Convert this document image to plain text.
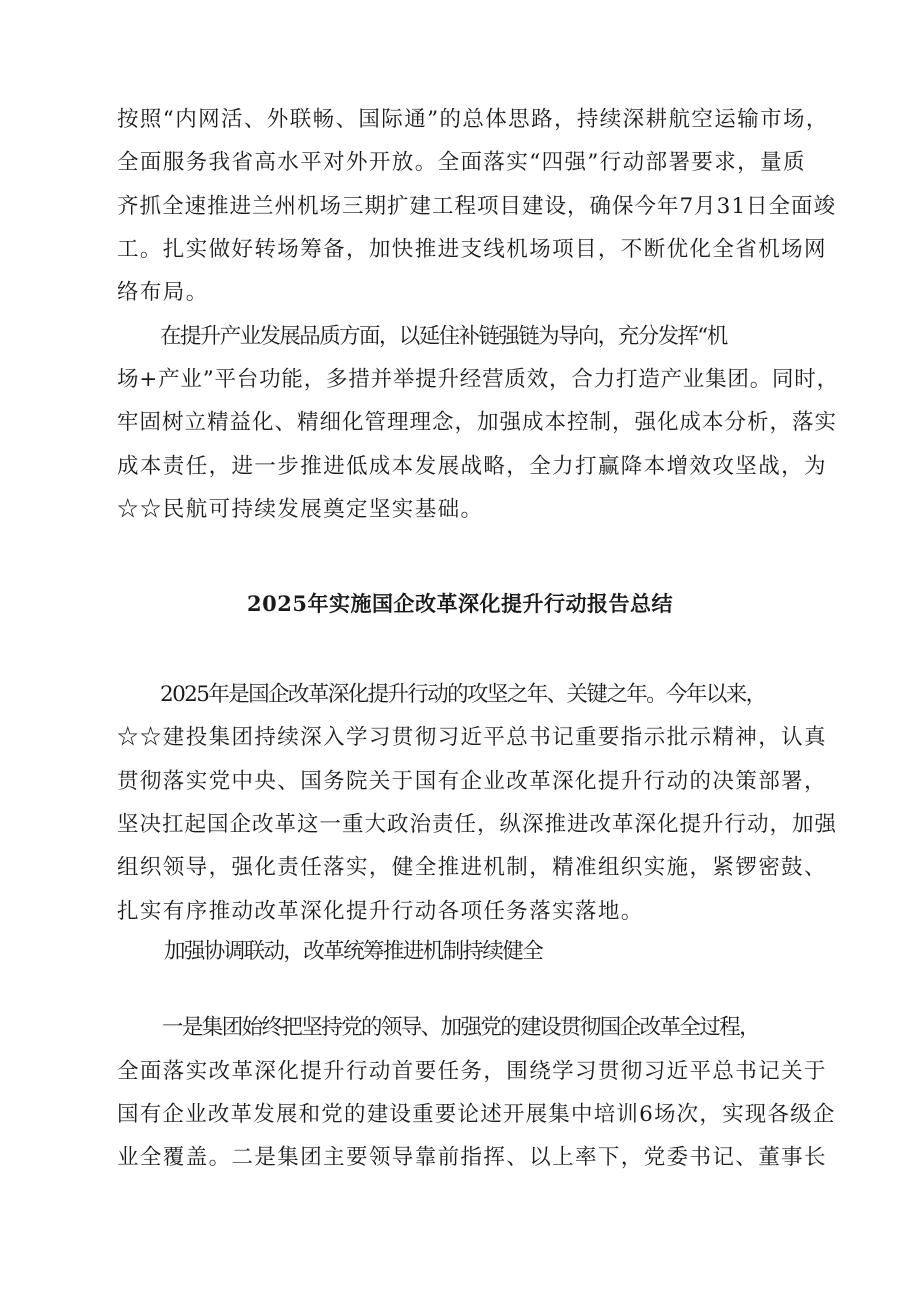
按照“内网活、外联畅、国际通”的总体思路，持续深耕航空运输市场，
全面服务我省高水平对外开放。全面落实“四强”行动部署要求，量质
齐抓全速推进兰州机场三期扩建工程项目建设，确保今年7月31日全面竣
工。扎实做好转场筹备，加快推进支线机场项目，不断优化全省机场网
络布局。
在提升产业发展品质方面，以延住补链强链为导向，充分发挥“机
场+产业”平台功能，多措并举提升经营质效，合力打造产业集团。同时，
牢固树立精益化、精细化管理理念，加强成本控制，强化成本分析，落实
成本责任，进一步推进低成本发展战略，全力打赢降本增效攻坚战，为
☆☆民航可持续发展奠定坚实基础。
2025年实施国企改革深化提升行动报告总结
2025年是国企改革深化提升行动的攻坚之年、关键之年。今年以来，
☆☆建投集团持续深入学习贯彻习近平总书记重要指示批示精神，认真
贯彻落实党中央、国务院关于国有企业改革深化提升行动的决策部署，
坚决扛起国企改革这一重大政治责任，纵深推进改革深化提升行动，加强
组织领导，强化责任落实，健全推进机制，精准组织实施，紧锣密鼓、
扎实有序推动改革深化提升行动各项任务落实落地。
加强协调联动，改革统筹推进机制持续健全
一是集团始终把坚持党的领导、加强党的建设贯彻国企改革全过程，
全面落实改革深化提升行动首要任务，围绕学习贯彻习近平总书记关于
国有企业改革发展和党的建设重要论述开展集中培训6场次，实现各级企
业全覆盖。二是集团主要领导靠前指挥、以上率下，党委书记、董事长
